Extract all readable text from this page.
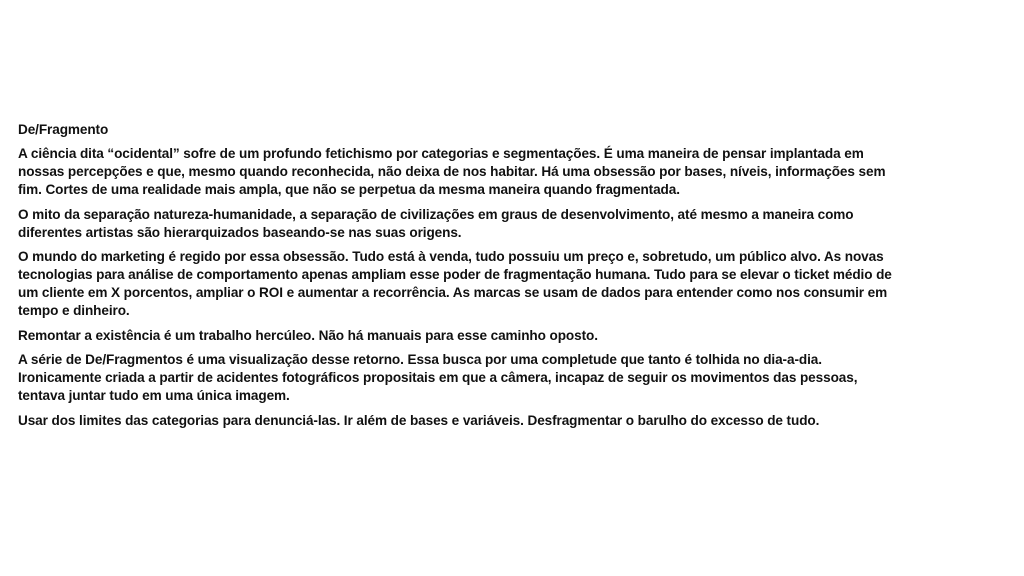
De/Fragmento

A ciência dita “ocidental” sofre de um profundo fetichismo por categorias e segmentações. É uma maneira de pensar implantada em
nossas percepções e que, mesmo quando reconhecida, não deixa de nos habitar. Há uma obsessão por bases, níveis, informações sem
fim. Cortes de uma realidade mais ampla, que não se perpetua da mesma maneira quando fragmentada.

O mito da separação natureza-humanidade, a separação de civilizações em graus de desenvolvimento, até mesmo a maneira como
diferentes artistas são hierarquizados baseando-se nas suas origens.

O mundo do marketing é regido por essa obsessão. Tudo está à venda, tudo possuiu um preço e, sobretudo, um público alvo. As novas
tecnologias para análise de comportamento apenas ampliam esse poder de fragmentação humana. Tudo para se elevar o ticket médio de
um cliente em X porcentos, ampliar o ROI e aumentar a recorrência. As marcas se usam de dados para entender como nos consumir em
tempo e dinheiro.

Remontar a existência é um trabalho hercúleo. Não há manuais para esse caminho oposto.

A série de De/Fragmentos é uma visualização desse retorno. Essa busca por uma completude que tanto é tolhida no dia-a-dia.
Ironicamente criada a partir de acidentes fotográficos propositais em que a câmera, incapaz de seguir os movimentos das pessoas,
tentava juntar tudo em uma única imagem.

Usar dos limites das categorias para denunciá-las. Ir além de bases e variáveis. Desfragmentar o barulho do excesso de tudo.
